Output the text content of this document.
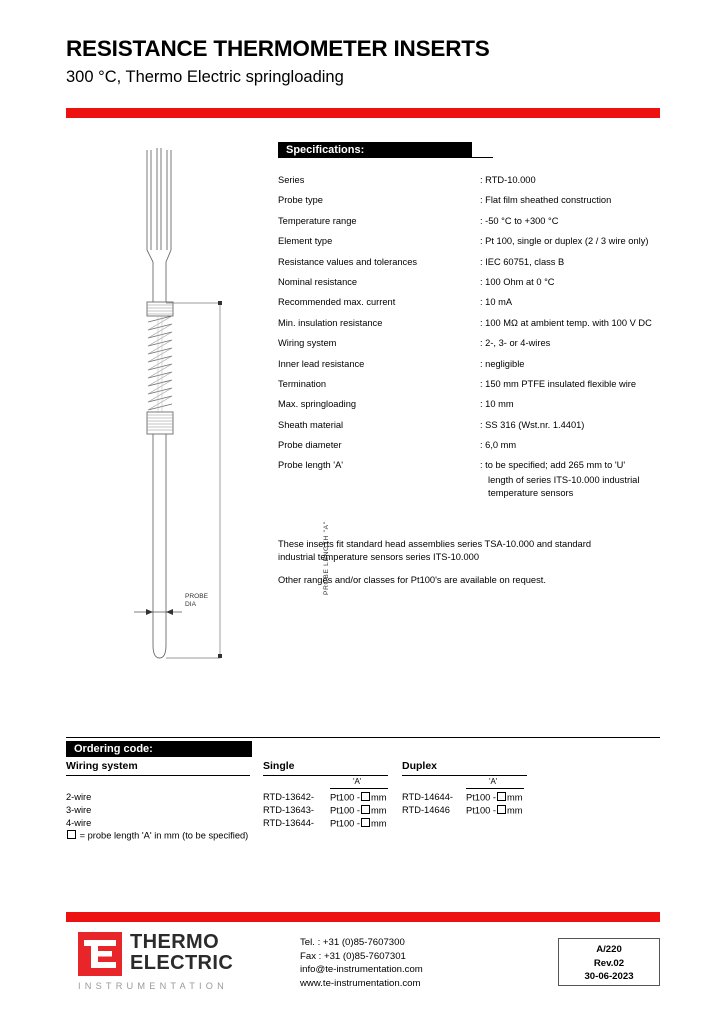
RESISTANCE THERMOMETER INSERTS
300 °C, Thermo Electric springloading
PROBE LENGTH "A"
PROBE
DIA
Specifications:
Series	: RTD-10.000
Probe type	: Flat film sheathed construction
Temperature range	: -50 °C to +300 °C
Element type	: Pt 100, single or duplex (2 / 3 wire only)
Resistance values and tolerances	: IEC 60751, class B
Nominal resistance	: 100 Ohm at 0 °C
Recommended max. current	: 10 mA
Min. insulation resistance	: 100 MΩ at ambient temp. with 100 V DC
Wiring system	: 2-, 3- or 4-wires
Inner lead resistance	: negligible
Termination	: 150 mm PTFE insulated flexible wire
Max. springloading	: 10 mm
Sheath material	: SS 316 (Wst.nr. 1.4401)
Probe diameter	: 6,0 mm
Probe length 'A'	: to be specified; add 265 mm to 'U'
length of series ITS-10.000 industrial
temperature sensors
These inserts fit standard head assemblies series TSA-10.000 and standard
industrial temperature sensors series ITS-10.000
Other ranges and/or classes for Pt100's are available on request.
Ordering code:
Wiring system	Single	Duplex
'A'	'A'
2-wire	RTD-13642- Pt100 - mm RTD-14644- Pt100 - mm
3-wire	RTD-13643- Pt100 - mm RTD-14646 Pt100 - mm
4-wire	RTD-13644- Pt100 - mm
= probe length 'A' in mm (to be specified)
THERMO
ELECTRIC
INSTRUMENTATION
Tel. : +31 (0)85-7607300
Fax : +31 (0)85-7607301
info@te-instrumentation.com
www.te-instrumentation.com
A/220
Rev.02
30-06-2023
